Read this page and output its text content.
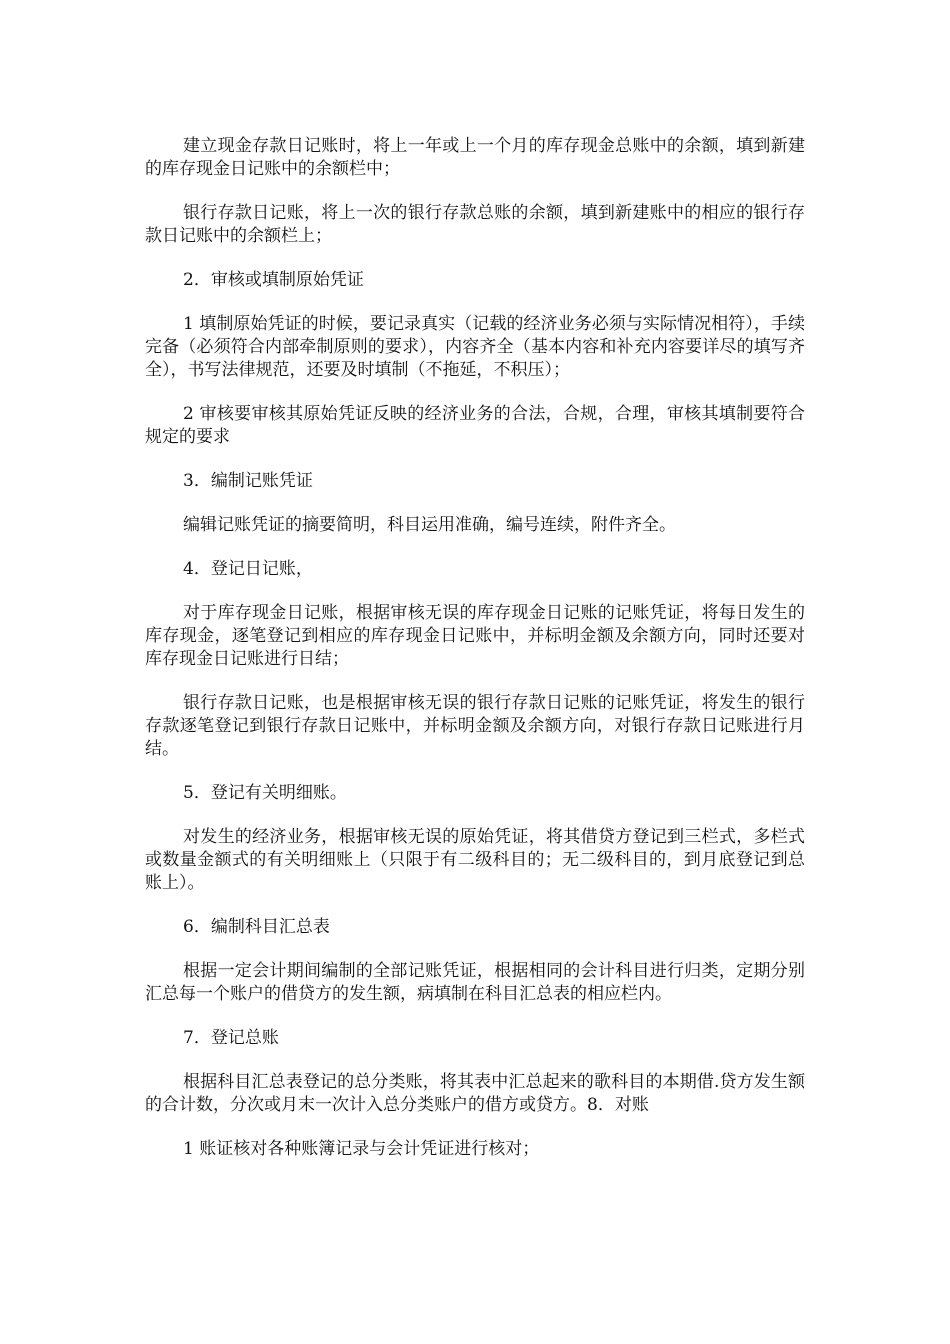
建立现金存款日记账时，将上一年或上一个月的库存现金总账中的余额，填到新建的库存现金日记账中的余额栏中；

银行存款日记账，将上一次的银行存款总账的余额，填到新建账中的相应的银行存款日记账中的余额栏上；

2．审核或填制原始凭证

1 填制原始凭证的时候，要记录真实（记载的经济业务必须与实际情况相符），手续完备（必须符合内部牵制原则的要求），内容齐全（基本内容和补充内容要详尽的填写齐全），书写法律规范，还要及时填制（不拖延，不积压）；

2 审核要审核其原始凭证反映的经济业务的合法，合规，合理，审核其填制要符合规定的要求

3．编制记账凭证

编辑记账凭证的摘要简明，科目运用准确，编号连续，附件齐全。

4．登记日记账，

对于库存现金日记账，根据审核无误的库存现金日记账的记账凭证，将每日发生的库存现金，逐笔登记到相应的库存现金日记账中，并标明金额及余额方向，同时还要对库存现金日记账进行日结；

银行存款日记账，也是根据审核无误的银行存款日记账的记账凭证，将发生的银行存款逐笔登记到银行存款日记账中，并标明金额及余额方向，对银行存款日记账进行月结。

5．登记有关明细账。

对发生的经济业务，根据审核无误的原始凭证，将其借贷方登记到三栏式，多栏式或数量金额式的有关明细账上（只限于有二级科目的；无二级科目的，到月底登记到总账上）。

6．编制科目汇总表

根据一定会计期间编制的全部记账凭证，根据相同的会计科目进行归类，定期分别汇总每一个账户的借贷方的发生额，病填制在科目汇总表的相应栏内。

7．登记总账

根据科目汇总表登记的总分类账，将其表中汇总起来的歌科目的本期借.贷方发生额的合计数，分次或月末一次计入总分类账户的借方或贷方。8．对账

1 账证核对各种账簿记录与会计凭证进行核对；
